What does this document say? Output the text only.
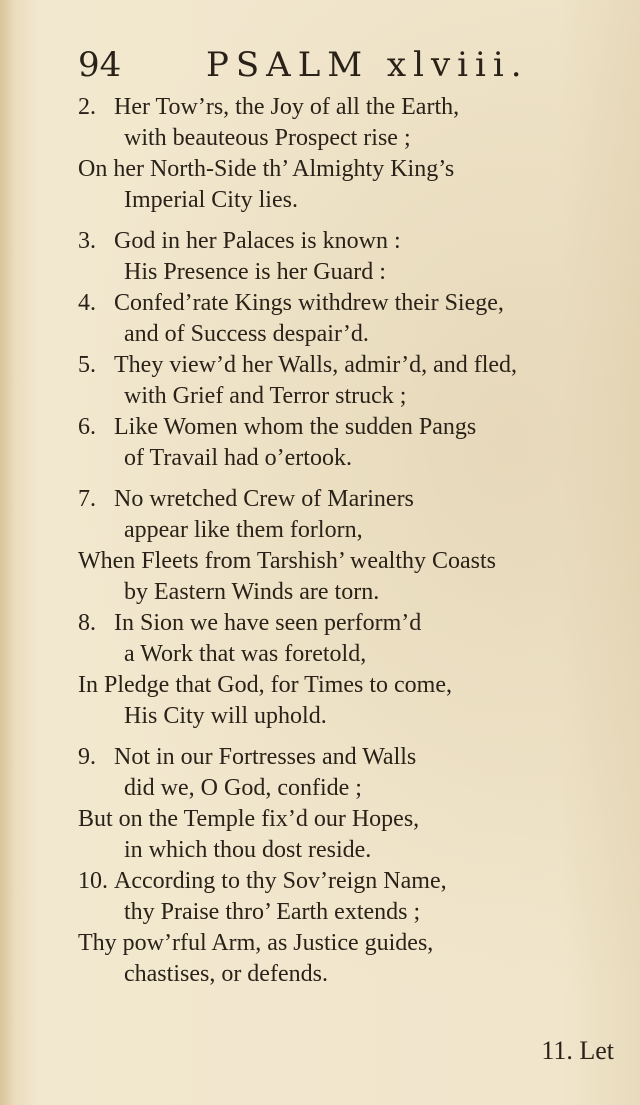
94 PSALM xlviii.
2. Her Tow’rs, the Joy of all the Earth,
with beauteous Prospect rise ;
On her North-Side th’ Almighty King’s
Imperial City lies.
3. God in her Palaces is known :
His Presence is her Guard :
4. Confed’rate Kings withdrew their Siege,
and of Success despair’d.
5. They view’d her Walls, admir’d, and fled,
with Grief and Terror struck ;
6. Like Women whom the sudden Pangs
of Travail had o’ertook.
7. No wretched Crew of Mariners
appear like them forlorn,
When Fleets from Tarshish’ wealthy Coasts
by Eastern Winds are torn.
8. In Sion we have seen perform’d
a Work that was foretold,
In Pledge that God, for Times to come,
His City will uphold.
9. Not in our Fortresses and Walls
did we, O God, confide ;
But on the Temple fix’d our Hopes,
in which thou dost reside.
10. According to thy Sov’reign Name,
thy Praise thro’ Earth extends ;
Thy pow’rful Arm, as Justice guides,
chastises, or defends.
11. Let
